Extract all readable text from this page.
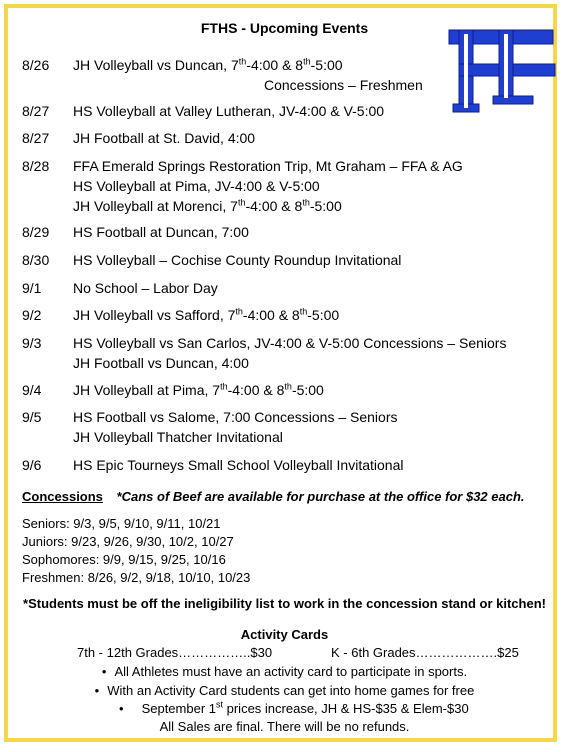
FTHS - Upcoming Events
8/26	JH Volleyball vs Duncan, 7th-4:00 & 8th-5:00
Concessions – Freshmen
8/27	HS Volleyball at Valley Lutheran, JV-4:00 & V-5:00
8/27	JH Football at St. David, 4:00
8/28	FFA Emerald Springs Restoration Trip, Mt Graham – FFA & AG
HS Volleyball at Pima, JV-4:00 & V-5:00
JH Volleyball at Morenci, 7th-4:00 & 8th-5:00
8/29	HS Football at Duncan, 7:00
8/30	HS Volleyball – Cochise County Roundup Invitational
9/1	No School – Labor Day
9/2	JH Volleyball vs Safford, 7th-4:00 & 8th-5:00
9/3	HS Volleyball vs San Carlos, JV-4:00 & V-5:00 Concessions – Seniors
JH Football vs Duncan, 4:00
9/4	JH Volleyball at Pima, 7th-4:00 & 8th-5:00
9/5	HS Football vs Salome, 7:00 Concessions – Seniors
JH Volleyball Thatcher Invitational
9/6	HS Epic Tourneys Small School Volleyball Invitational
Concessions *Cans of Beef are available for purchase at the office for $32 each.
Seniors: 9/3, 9/5, 9/10, 9/11, 10/21
Juniors: 9/23, 9/26, 9/30, 10/2, 10/27
Sophomores: 9/9, 9/15, 9/25, 10/16
Freshmen: 8/26, 9/2, 9/18, 10/10, 10/23
*Students must be off the ineligibility list to work in the concession stand or kitchen!
Activity Cards
7th - 12th Grades……………..$30	K - 6th Grades……………….$25
• All Athletes must have an activity card to participate in sports.
• With an Activity Card students can get into home games for free
• September 1st prices increase, JH & HS-$35 & Elem-$30
All Sales are final. There will be no refunds.
